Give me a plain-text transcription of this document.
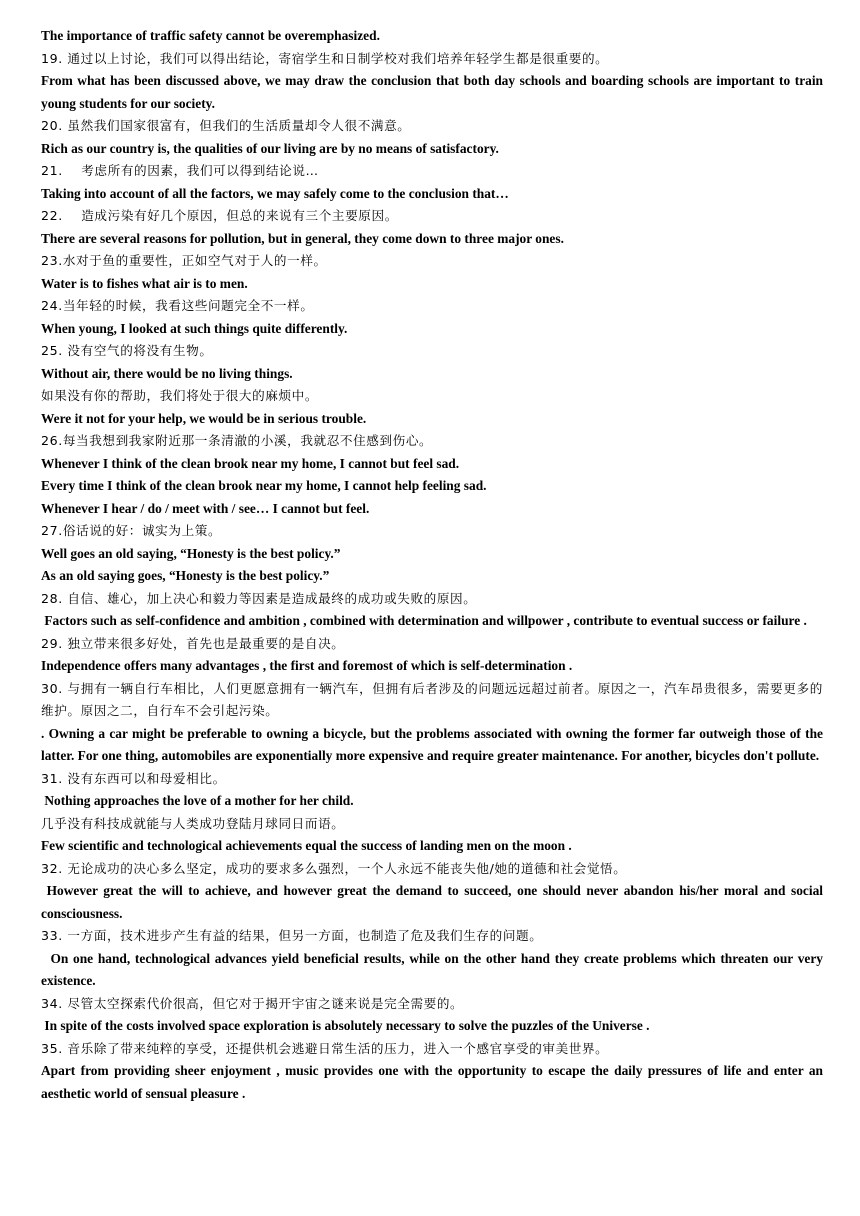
The importance of traffic safety cannot be overemphasized.
19. 通过以上讨论，我们可以得出结论，寄宿学生和日制学校对我们培养年轻学生都是很重要的。
From what has been discussed above, we may draw the conclusion that both day schools and boarding schools are important to train young students for our society.
20. 虽然我们国家很富有，但我们的生活质量却令人很不满意。
Rich as our country is, the qualities of our living are by no means of satisfactory.
21.    考虑所有的因素，我们可以得到结论说…
Taking into account of all the factors, we may safely come to the conclusion that…
22.    造成污染有好几个原因，但总的来说有三个主要原因。
There are several reasons for pollution, but in general, they come down to three major ones.
23.水对于鱼的重要性，正如空气对于人的一样。
Water is to fishes what air is to men.
24.当年轻的时候，我看这些问题完全不一样。
When young, I looked at such things quite differently.
25. 没有空气的将没有生物。
Without air, there would be no living things.
如果没有你的帮助，我们将处于很大的麻烦中。
Were it not for your help, we would be in serious trouble.
26.每当我想到我家附近那一条清澈的小溪，我就忍不住感到伤心。
Whenever I think of the clean brook near my home, I cannot but feel sad.
Every time I think of the clean brook near my home, I cannot help feeling sad.
Whenever I hear / do / meet with / see… I cannot but feel.
27.俗话说的好：诚实为上策。
Well goes an old saying, “Honesty is the best policy.”
As an old saying goes, “Honesty is the best policy.”
28. 自信、雄心，加上决心和毅力等因素是造成最终的成功或失败的原因。
Factors such as self-confidence and ambition , combined with determination and willpower , contribute to eventual success or failure .
29. 独立带来很多好处，首先也是最重要的是自决。
Independence offers many advantages , the first and foremost of which is self-determination .
30. 与拥有一辆自行车相比，人们更愿意拥有一辆汽车，但拥有后者涉及的问题远远超过前者。原因之一，汽车昂贵很多，需要更多的维护。原因之二，自行车不会引起污染。
. Owning a car might be preferable to owning a bicycle, but the problems associated with owning the former far outweigh those of the latter. For one thing, automobiles are exponentially more expensive and require greater maintenance. For another, bicycles don't pollute.
31. 没有东西可以和母爱相比。
Nothing approaches the love of a mother for her child.
几乎没有科技成就能与人类成功登陆月球同日而语。
Few scientific and technological achievements equal the success of landing men on the moon .
32. 无论成功的决心多么坚定，成功的要求多么强烈，一个人永远不能丧失他/她的道德和社会觉悟。
However great the will to achieve, and however great the demand to succeed, one should never abandon his/her moral and social consciousness.
33. 一方面，技术进步产生有益的结果，但另一方面，也制造了危及我们生存的问题。
On one hand, technological advances yield beneficial results, while on the other hand they create problems which threaten our very existence.
34. 尽管太空探索代价很高，但它对于揭开宇宙之谜来说是完全需要的。
In spite of the costs involved space exploration is absolutely necessary to solve the puzzles of the Universe .
35. 音乐除了带来纯粹的享受，还提供机会逃避日常生活的压力，进入一个感官享受的审美世界。
Apart from providing sheer enjoyment , music provides one with the opportunity to escape the daily pressures of life and enter an aesthetic world of sensual pleasure .
